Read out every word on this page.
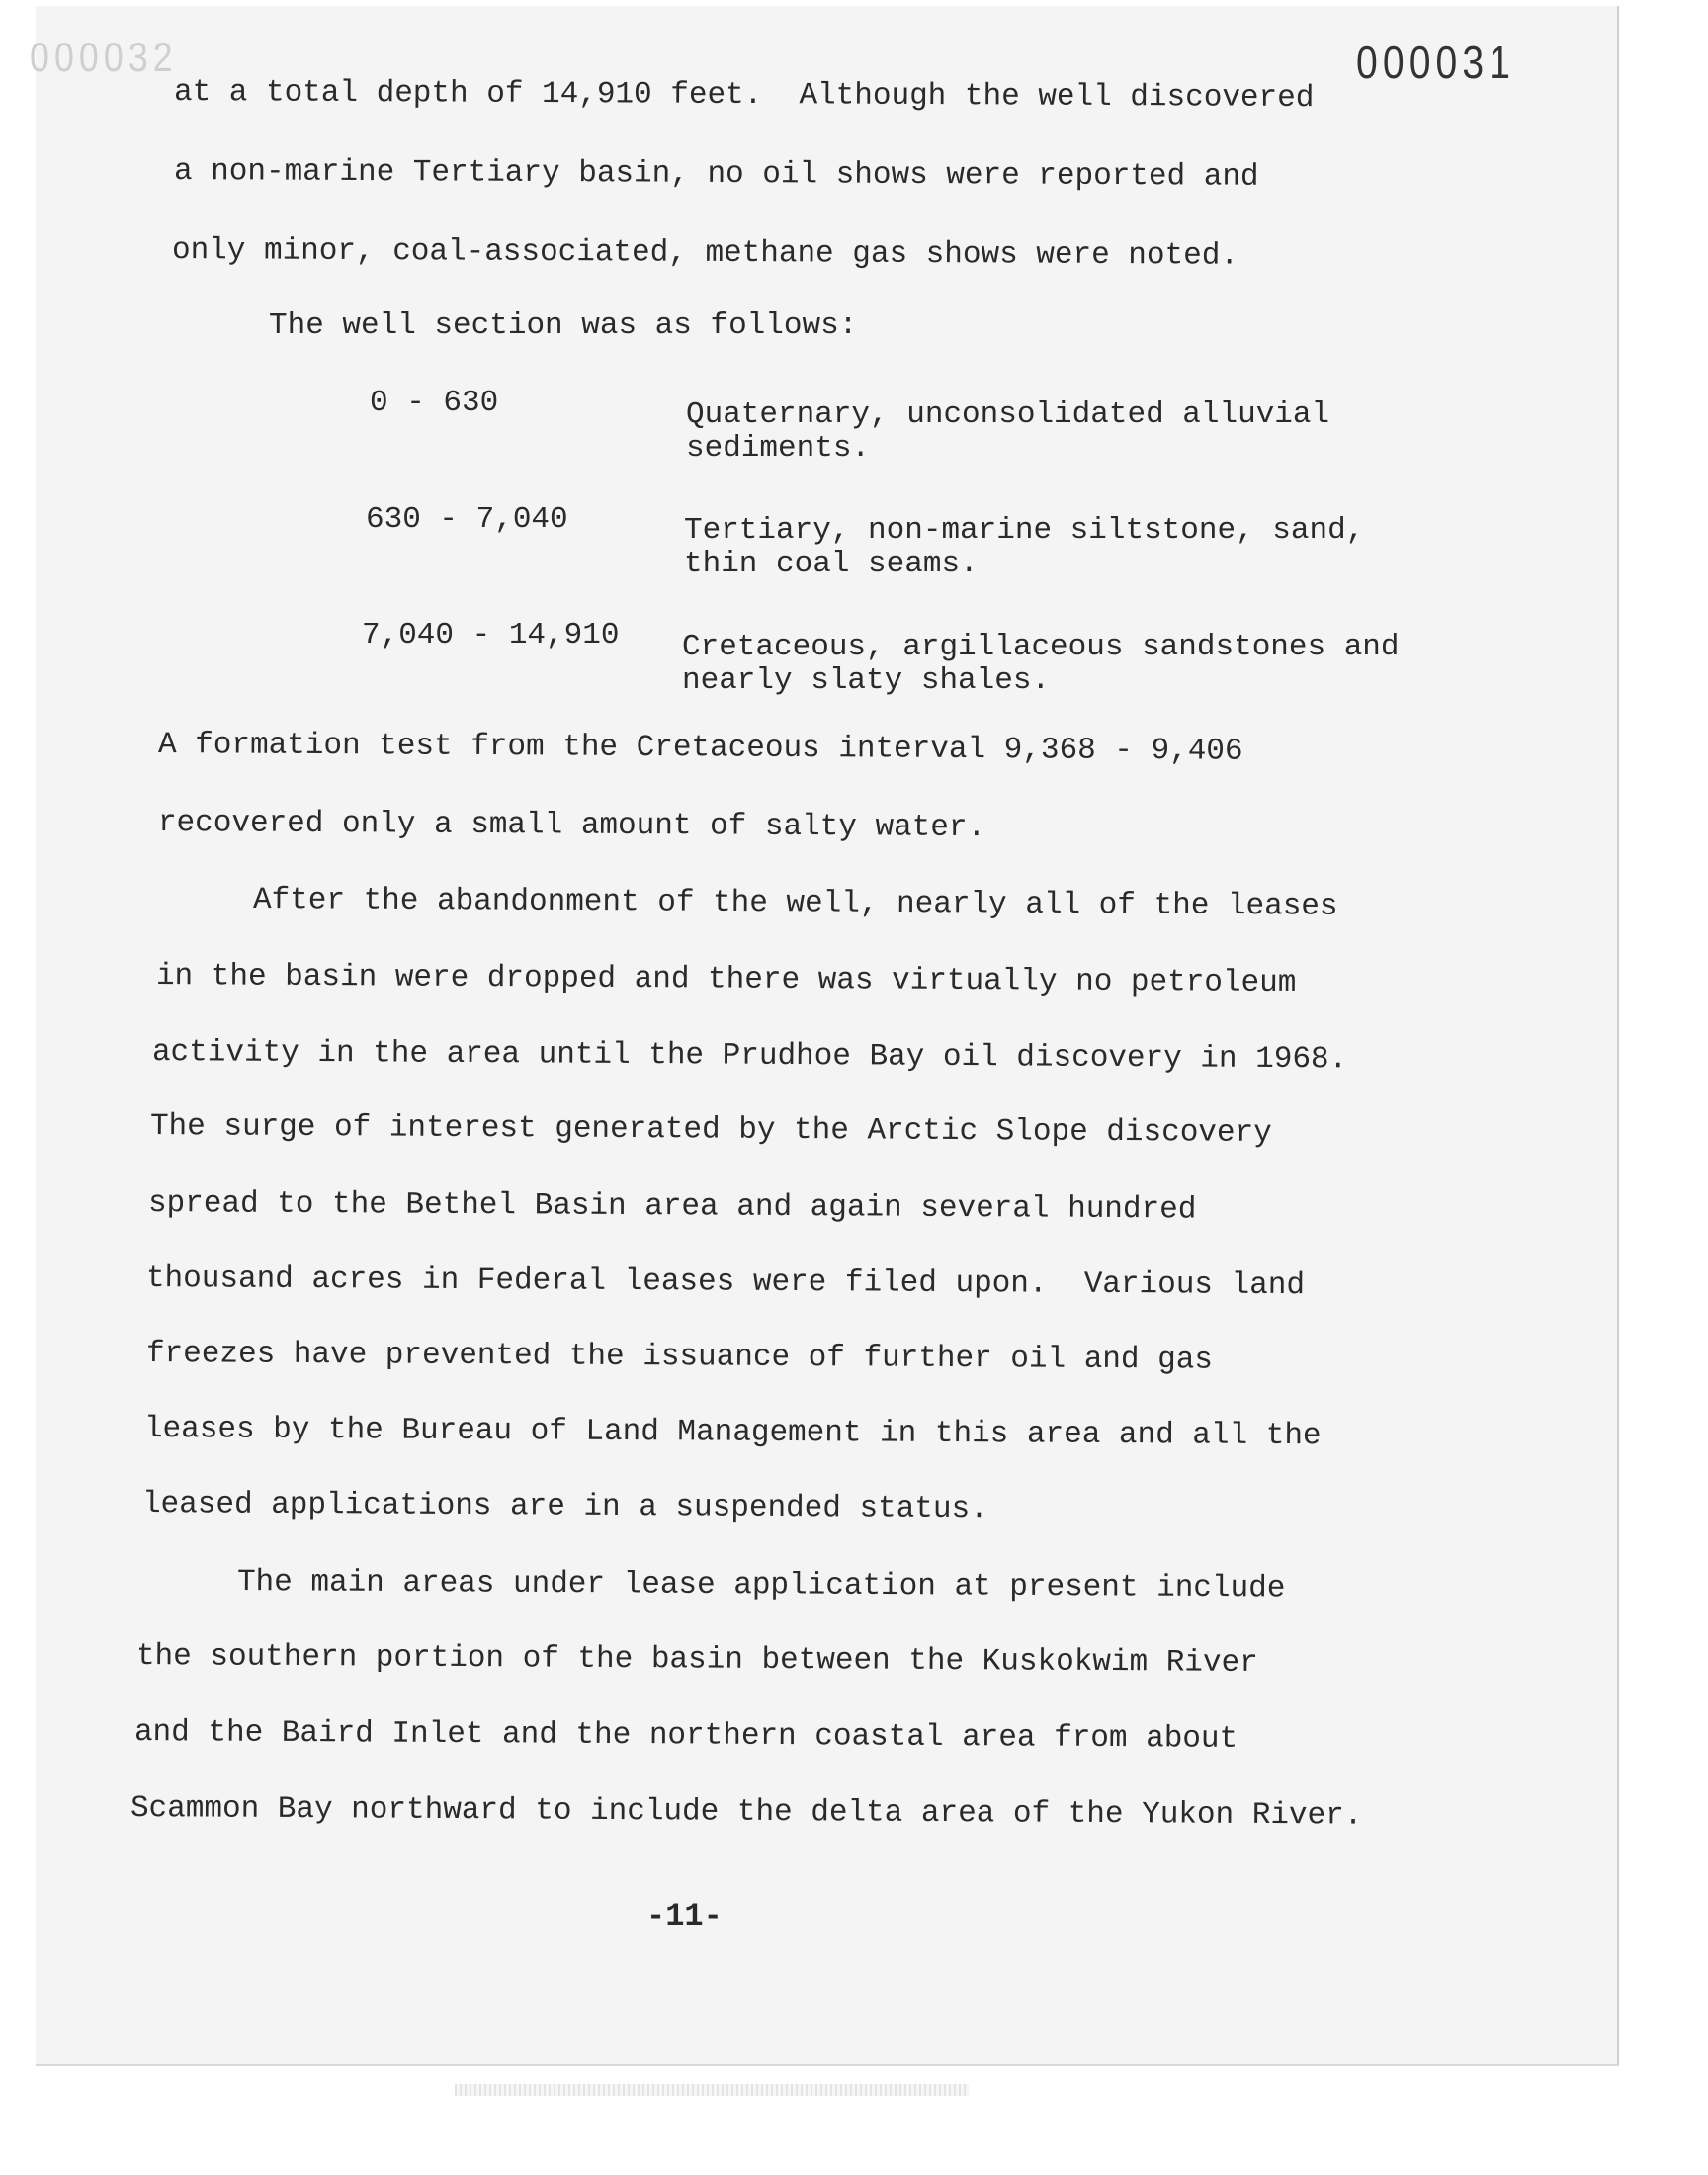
000032	000031
at a total depth of 14,910 feet.  Although the well discovered
a non-marine Tertiary basin, no oil shows were reported and
only minor, coal-associated, methane gas shows were noted.
The well section was as follows:
0 - 630	Quaternary, unconsolidated alluvial sediments.
630 - 7,040	Tertiary, non-marine siltstone, sand, thin coal seams.
7,040 - 14,910 Cretaceous, argillaceous sandstones and nearly slaty shales.
A formation test from the Cretaceous interval 9,368 - 9,406
recovered only a small amount of salty water.
After the abandonment of the well, nearly all of the leases
in the basin were dropped and there was virtually no petroleum
activity in the area until the Prudhoe Bay oil discovery in 1968.
The surge of interest generated by the Arctic Slope discovery
spread to the Bethel Basin area and again several hundred
thousand acres in Federal leases were filed upon.  Various land
freezes have prevented the issuance of further oil and gas
leases by the Bureau of Land Management in this area and all the
leased applications are in a suspended status.
The main areas under lease application at present include
the southern portion of the basin between the Kuskokwim River
and the Baird Inlet and the northern coastal area from about
Scammon Bay northward to include the delta area of the Yukon River.
-11-
